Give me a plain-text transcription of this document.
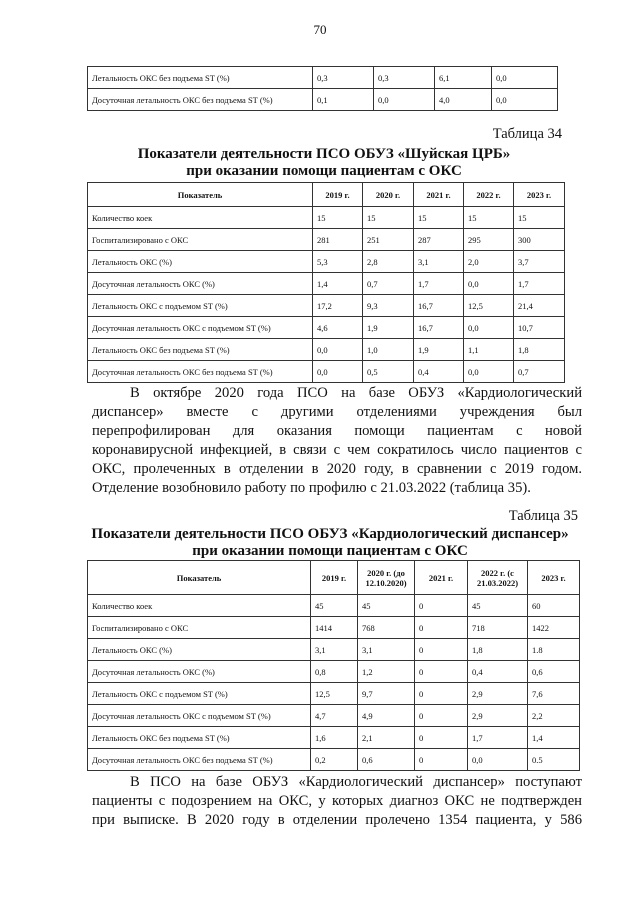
70
Летальность ОКС без подъема ST (%)	0,3	0,3	6,1	0,0
Досуточная летальность ОКС без подъема ST (%)	0,1	0,0	4,0	0,0
Таблица 34
Показатели деятельности ПСО ОБУЗ «Шуйская ЦРБ»
при оказании помощи пациентам с ОКС
Показатель	2019 г.	2020 г.	2021 г.	2022 г.	2023 г.
Количество коек	15	15	15	15	15
Госпитализировано с ОКС	281	251	287	295	300
Летальность ОКС (%)	5,3	2,8	3,1	2,0	3,7
Досуточная летальность ОКС (%)	1,4	0,7	1,7	0,0	1,7
Летальность ОКС с подъемом ST (%)	17,2	9,3	16,7	12,5	21,4
Досуточная летальность ОКС с подъемом ST (%)	4,6	1,9	16,7	0,0	10,7
Летальность ОКС без подъема ST (%)	0,0	1,0	1,9	1,1	1,8
Досуточная летальность ОКС без подъема ST (%)	0,0	0,5	0,4	0,0	0,7
В октябре 2020 года ПСО на базе ОБУЗ «Кардиологический
диспансер» вместе с другими отделениями учреждения был
перепрофилирован для оказания помощи пациентам с новой
коронавирусной инфекцией, в связи с чем сократилось число пациентов с
ОКС, пролеченных в отделении в 2020 году, в сравнении с 2019 годом.
Отделение возобновило работу по профилю с 21.03.2022 (таблица 35).
Таблица 35
Показатели деятельности ПСО ОБУЗ «Кардиологический диспансер»
при оказании помощи пациентам с ОКС
Показатель	2019 г.	2020 г. (до 12.10.2020)	2021 г.	2022 г. (с 21.03.2022)	2023 г.
Количество коек	45	45	0	45	60
Госпитализировано с ОКС	1414	768	0	718	1422
Летальность ОКС (%)	3,1	3,1	0	1,8	1.8
Досуточная летальность ОКС (%)	0,8	1,2	0	0,4	0,6
Летальность ОКС с подъемом ST (%)	12,5	9,7	0	2,9	7,6
Досуточная летальность ОКС с подъемом ST (%)	4,7	4,9	0	2,9	2,2
Летальность ОКС без подъема ST (%)	1,6	2,1	0	1,7	1,4
Досуточная летальность ОКС без подъема ST (%)	0,2	0,6	0	0,0	0.5
В ПСО на базе ОБУЗ «Кардиологический диспансер» поступают
пациенты с подозрением на ОКС, у которых диагноз ОКС не подтвержден
при выписке. В 2020 году в отделении пролечено 1354 пациента, у 586
